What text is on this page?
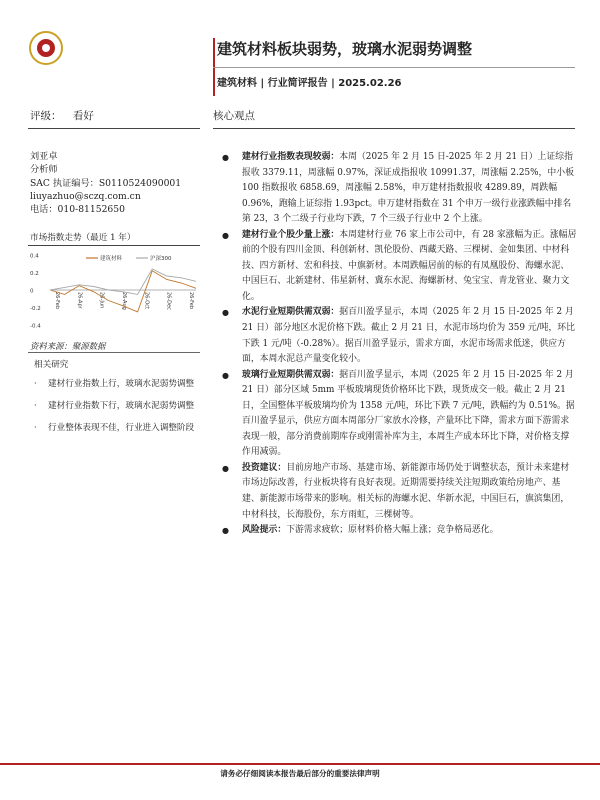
建筑材料板块弱势，玻璃水泥弱势调整
建筑材料 | 行业简评报告 | 2025.02.26
评级： 看好	核心观点
刘亚卓
分析师
SAC 执证编号：S0110524090001
liuyazhuo@sczq.com.cn
电话：010-81152650
市场指数走势（最近 1 年）
0.4
0.2
0
-0.2
-0.4
26-Feb	26-Apr	26-Jun	26-Aug	26-Oct	26-Dec	26-Feb
建筑材料	沪深300
资料来源：聚源数据
相关研究
· 建材行业指数上行，玻璃水泥弱势调整
· 建材行业指数下行，玻璃水泥弱势调整
· 行业整体表现不佳，行业进入调整阶段

● 建材行业指数表现较弱：本周（2025 年 2 月 15 日-2025 年 2 月 21 日）上证综指报收 3379.11，周涨幅 0.97%，深证成指报收 10991.37，周涨幅 2.25%，中小板 100 指数报收 6858.69，周涨幅 2.58%，申万建材指数报收 4289.89，周跌幅 0.96%，跑输上证综指 1.93pct。申万建材指数在 31 个申万一级行业涨跌幅中排名第 23，3 个二级子行业均下跌，7 个三级子行业中 2 个上涨。

● 建材行业个股少量上涨：本周建材行业 76 家上市公司中，有 28 家涨幅为正。涨幅居前的个股有四川金顶、科创新材、凯伦股份、西藏天路、三棵树、金如集团、中材科技、四方新材、宏和科技、中旗新材。本周跌幅居前的标的有凤凰股份、海螺水泥、中国巨石、北新建材、伟星新材、冀东水泥、海螺新材、兔宝宝、青龙管业、聚力文化。

● 水泥行业短期供需双弱：据百川盈孚显示，本周（2025 年 2 月 15 日-2025 年 2 月 21 日）部分地区水泥价格下跌。截止 2 月 21 日，水泥市场均价为 359 元/吨，环比下跌 1 元/吨（-0.28%）。据百川盈孚显示，需求方面，水泥市场需求低迷，供应方面，本周水泥总产量变化较小。

● 玻璃行业短期供需双弱：据百川盈孚显示，本周（2025 年 2 月 15 日-2025 年 2 月 21 日）部分区域 5mm 平板玻璃现货价格环比下跌，现货成交一般。截止 2 月 21 日，全国整体平板玻璃均价为 1358 元/吨，环比下跌 7 元/吨，跌幅约为 0.51%。据百川盈孚显示，供应方面本周部分厂家放水冷修，产量环比下降，需求方面下游需求表现一般，部分消费前期库存或刚需补库为主，本周生产成本环比下降，对价格支撑作用减弱。

● 投资建议：目前房地产市场、基建市场、新能源市场仍处于调整状态，预计未来建材市场边际改善，行业板块将有良好表现。近期需要持续关注短期政策给房地产、基建、新能源市场带来的影响。相关标的海螺水泥、华新水泥，中国巨石，旗滨集团，中材科技，长海股份，东方雨虹，三棵树等。

● 风险提示：下游需求疲软；原材料价格大幅上涨；竞争格局恶化。

请务必仔细阅读本报告最后部分的重要法律声明
